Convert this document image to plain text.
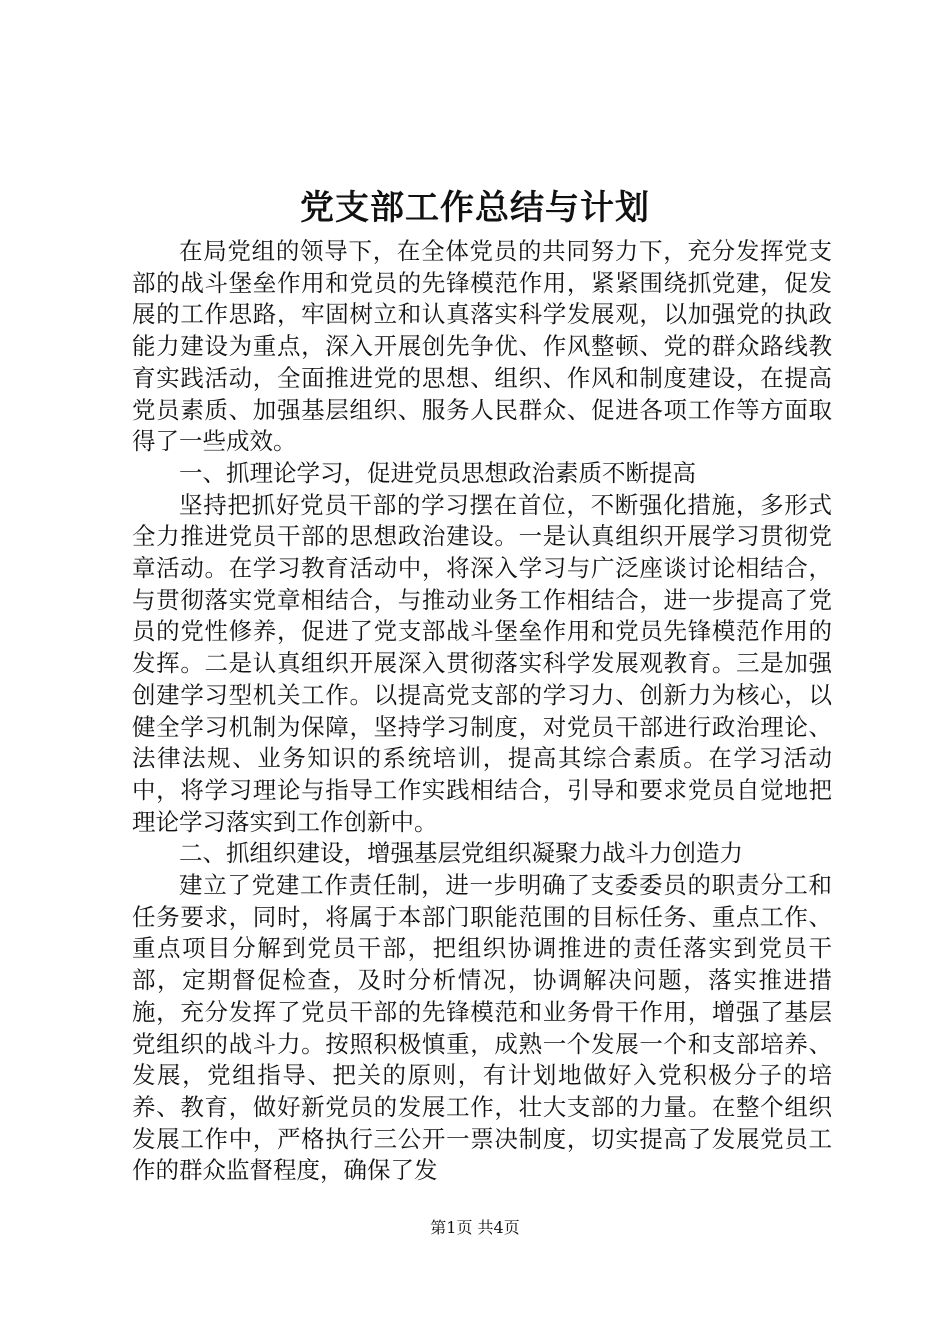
党支部工作总结与计划

在局党组的领导下，在全体党员的共同努力下，充分发挥党支部的战斗堡垒作用和党员的先锋模范作用，紧紧围绕抓党建，促发展的工作思路，牢固树立和认真落实科学发展观，以加强党的执政能力建设为重点，深入开展创先争优、作风整顿、党的群众路线教育实践活动，全面推进党的思想、组织、作风和制度建设，在提高党员素质、加强基层组织、服务人民群众、促进各项工作等方面取得了一些成效。

一、抓理论学习，促进党员思想政治素质不断提高

坚持把抓好党员干部的学习摆在首位，不断强化措施，多形式全力推进党员干部的思想政治建设。一是认真组织开展学习贯彻党章活动。在学习教育活动中，将深入学习与广泛座谈讨论相结合，与贯彻落实党章相结合，与推动业务工作相结合，进一步提高了党员的党性修养，促进了党支部战斗堡垒作用和党员先锋模范作用的发挥。二是认真组织开展深入贯彻落实科学发展观教育。三是加强创建学习型机关工作。以提高党支部的学习力、创新力为核心，以健全学习机制为保障，坚持学习制度，对党员干部进行政治理论、法律法规、业务知识的系统培训，提高其综合素质。在学习活动中，将学习理论与指导工作实践相结合，引导和要求党员自觉地把理论学习落实到工作创新中。

二、抓组织建设，增强基层党组织凝聚力战斗力创造力

建立了党建工作责任制，进一步明确了支委委员的职责分工和任务要求，同时，将属于本部门职能范围的目标任务、重点工作、重点项目分解到党员干部，把组织协调推进的责任落实到党员干部，定期督促检查，及时分析情况，协调解决问题，落实推进措施，充分发挥了党员干部的先锋模范和业务骨干作用，增强了基层党组织的战斗力。按照积极慎重，成熟一个发展一个和支部培养、发展，党组指导、把关的原则，有计划地做好入党积极分子的培养、教育，做好新党员的发展工作，壮大支部的力量。在整个组织发展工作中，严格执行三公开一票决制度，切实提高了发展党员工作的群众监督程度，确保了发

第1页 共4页
